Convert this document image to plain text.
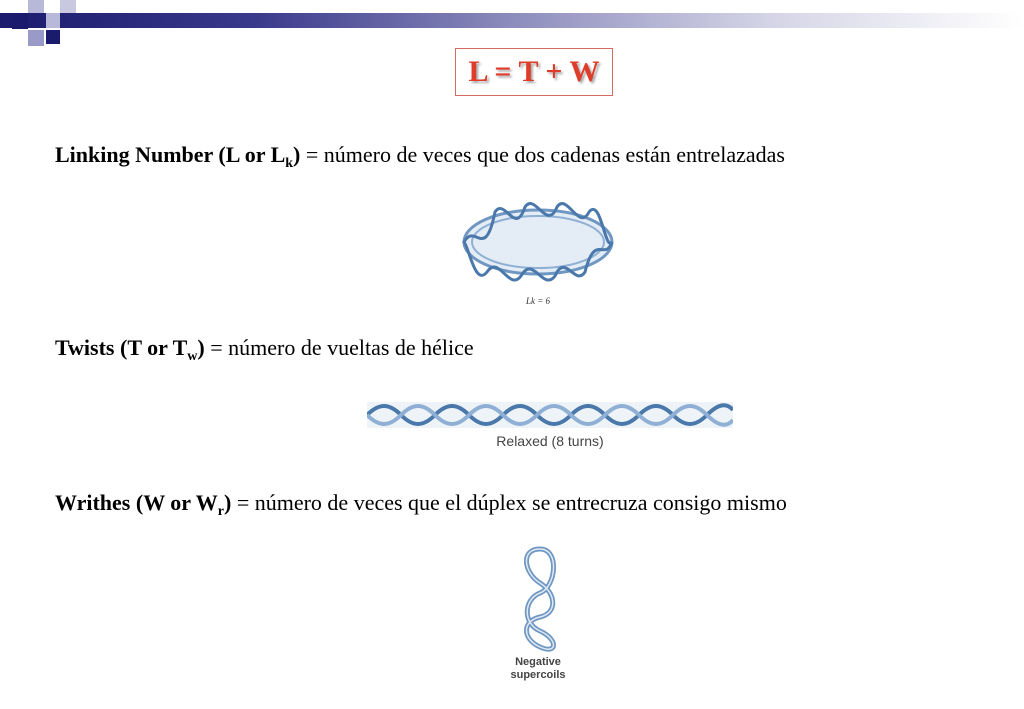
L = T + W
Linking Number (L or $L_k$) = número de veces que dos cadenas están entrelazadas
Lk = 6
Twists (T or $T_w$) = número de vueltas de hélice
Relaxed (8 turns)
Writhes (W or $W_r$) = número de veces que el dúplex se entrecruza consigo mismo
Negative
supercoils
